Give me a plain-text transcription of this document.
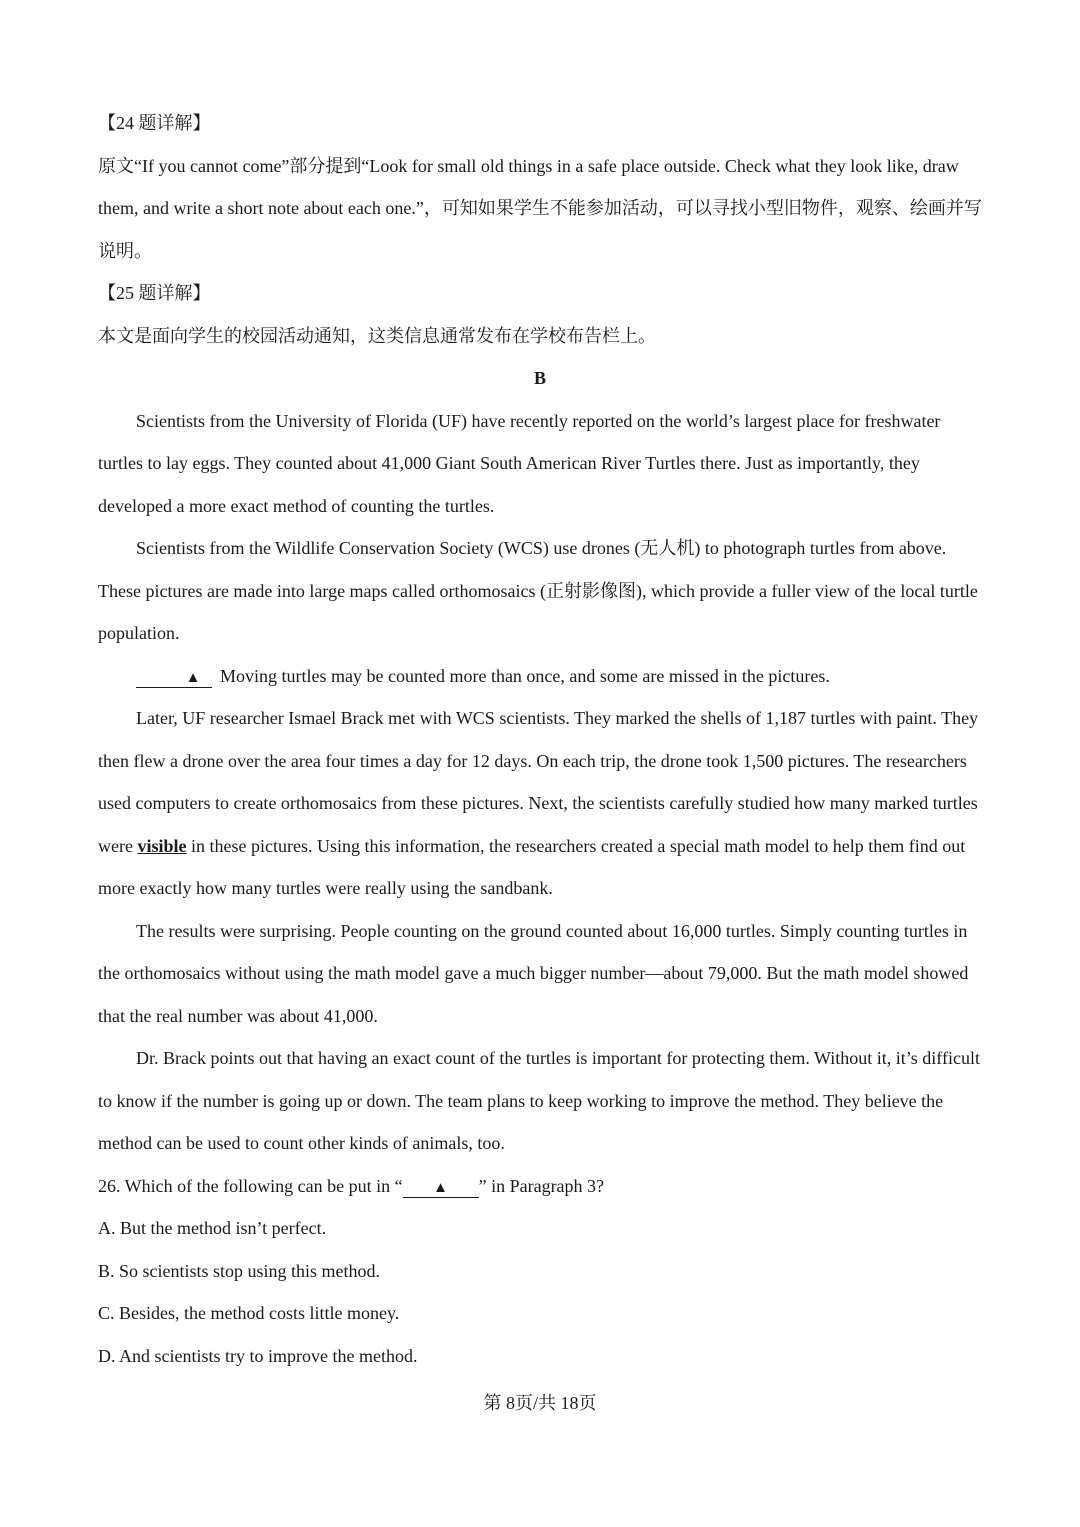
【24 题详解】

原文“If you cannot come”部分提到“Look for small old things in a safe place outside. Check what they look like, draw them, and write a short note about each one.”，可知如果学生不能参加活动，可以寻找小型旧物件，观察、绘画并写说明。

【25 题详解】

本文是面向学生的校园活动通知，这类信息通常发布在学校布告栏上。

B

Scientists from the University of Florida (UF) have recently reported on the world’s largest place for freshwater turtles to lay eggs. They counted about 41,000 Giant South American River Turtles there. Just as importantly, they developed a more exact method of counting the turtles.

Scientists from the Wildlife Conservation Society (WCS) use drones (无人机) to photograph turtles from above. These pictures are made into large maps called orthomosaics (正射影像图), which provide a fuller view of the local turtle population.

▲ Moving turtles may be counted more than once, and some are missed in the pictures.

Later, UF researcher Ismael Brack met with WCS scientists. They marked the shells of 1,187 turtles with paint. They then flew a drone over the area four times a day for 12 days. On each trip, the drone took 1,500 pictures. The researchers used computers to create orthomosaics from these pictures. Next, the scientists carefully studied how many marked turtles were visible in these pictures. Using this information, the researchers created a special math model to help them find out more exactly how many turtles were really using the sandbank.

The results were surprising. People counting on the ground counted about 16,000 turtles. Simply counting turtles in the orthomosaics without using the math model gave a much bigger number—about 79,000. But the math model showed that the real number was about 41,000.

Dr. Brack points out that having an exact count of the turtles is important for protecting them. Without it, it’s difficult to know if the number is going up or down. The team plans to keep working to improve the method. They believe the method can be used to count other kinds of animals, too.

26. Which of the following can be put in “ ▲ ” in Paragraph 3?

A. But the method isn’t perfect.

B. So scientists stop using this method.

C. Besides, the method costs little money.

D. And scientists try to improve the method.

第 8页/共 18页
